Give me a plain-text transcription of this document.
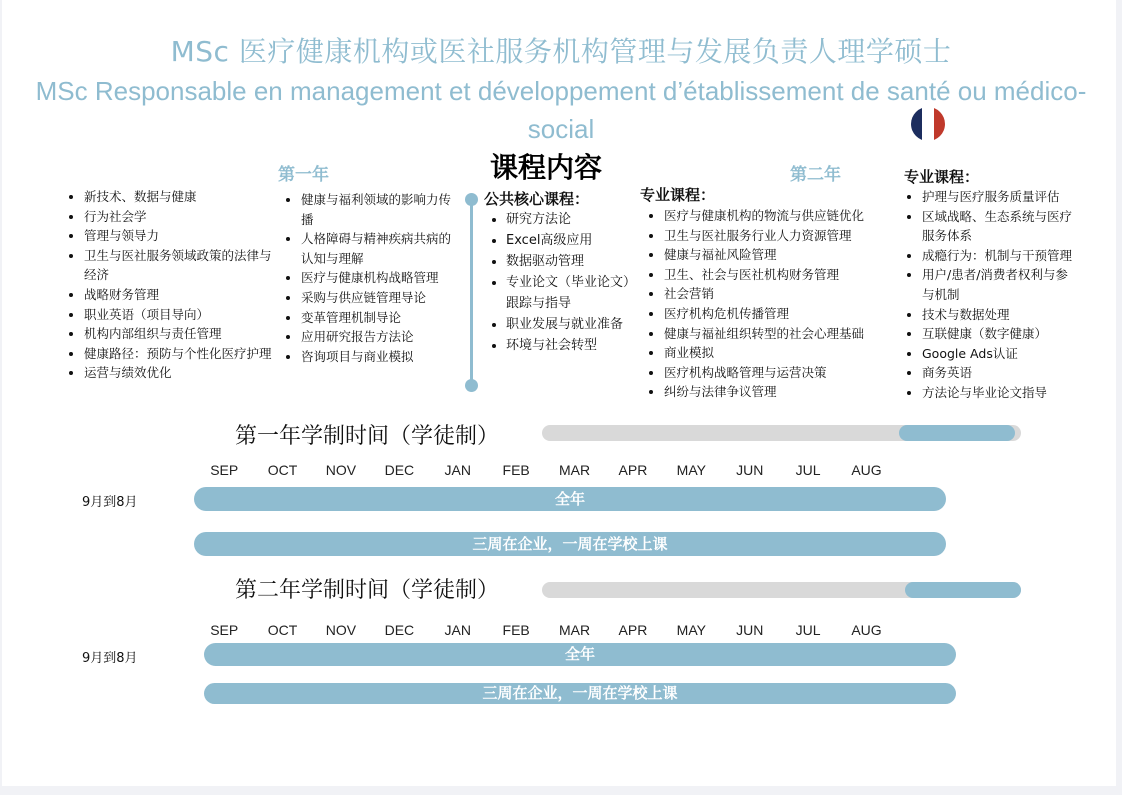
MSc 医疗健康机构或医社服务机构管理与发展负责人理学硕士
MSc Responsable en management et développement d’établissement de santé ou médico-social
课程内容
第一年	第二年
• 新技术、数据与健康
• 行为社会学
• 管理与领导力
• 卫生与医社服务领域政策的法律与经济
• 战略财务管理
• 职业英语（项目导向）
• 机构内部组织与责任管理
• 健康路径：预防与个性化医疗护理
• 运营与绩效优化
• 健康与福利领域的影响力传播
• 人格障碍与精神疾病共病的认知与理解
• 医疗与健康机构战略管理
• 采购与供应链管理导论
• 变革管理机制导论
• 应用研究报告方法论
• 咨询项目与商业模拟
公共核心课程：
• 研究方法论
• Excel高级应用
• 数据驱动管理
• 专业论文（毕业论文）跟踪与指导
• 职业发展与就业准备
• 环境与社会转型
专业课程：
• 医疗与健康机构的物流与供应链优化
• 卫生与医社服务行业人力资源管理
• 健康与福祉风险管理
• 卫生、社会与医社机构财务管理
• 社会营销
• 医疗机构危机传播管理
• 健康与福祉组织转型的社会心理基础
• 商业模拟
• 医疗机构战略管理与运营决策
• 纠纷与法律争议管理
专业课程：
• 护理与医疗服务质量评估
• 区域战略、生态系统与医疗服务体系
• 成瘾行为：机制与干预管理
• 用户/患者/消费者权利与参与机制
• 技术与数据处理
• 互联健康（数字健康）
• Google Ads认证
• 商务英语
• 方法论与毕业论文指导
第一年学制时间（学徒制）
SEP	OCT	NOV	DEC	JAN	FEB	MAR	APR	MAY	JUN	JUL	AUG
9月到8月	全年
三周在企业，一周在学校上课
第二年学制时间（学徒制）
SEP	OCT	NOV	DEC	JAN	FEB	MAR	APR	MAY	JUN	JUL	AUG
9月到8月	全年
三周在企业，一周在学校上课
